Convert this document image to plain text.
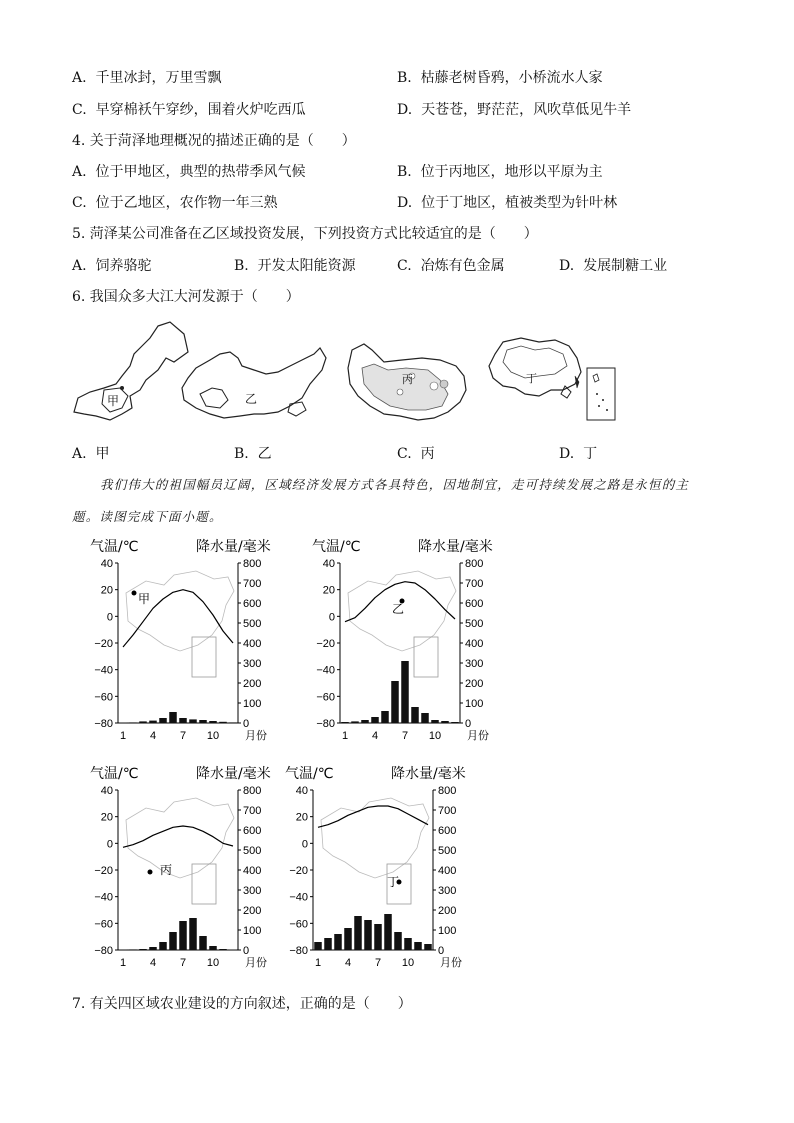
A. 千里冰封，万里雪飘	B. 枯藤老树昏鸦，小桥流水人家
C. 早穿棉袄午穿纱，围着火炉吃西瓜	D. 天苍苍，野茫茫，风吹草低见牛羊
4. 关于菏泽地理概况的描述正确的是（　　）
A. 位于甲地区，典型的热带季风气候	B. 位于丙地区，地形以平原为主
C. 位于乙地区，农作物一年三熟	D. 位于丁地区，植被类型为针叶林
5. 菏泽某公司准备在乙区域投资发展，下列投资方式比较适宜的是（　　）
A. 饲养骆驼	B. 开发太阳能资源	C. 冶炼有色金属	D. 发展制糖工业
6. 我国众多大江大河发源于（　　）
甲	乙
丙	丁
A. 甲	B. 乙	C. 丙	D. 丁
我们伟大的祖国幅员辽阔，区域经济发展方式各具特色，因地制宜，走可持续发展之路是永恒的主
题。读图完成下面小题。
气温/℃	降水量/毫米
40
20
0
−20
−40
−60
−80
800
700
600
500
400
300
200
100
0
1 4 7 10 月份
甲
气温/℃	降水量/毫米
40
20
0
−20
−40
−60
−80
800
700
600
500
400
300
200
100
0
1 4 7 10 月份
乙
气温/℃	降水量/毫米
40
20
0
−20
−40
−60
−80
800
700
600
500
400
300
200
100
0
1 4 7 10 月份
丙
气温/℃	降水量/毫米
40
20
0
−20
−40
−60
−80
800
700
600
500
400
300
200
100
0
1 4 7 10 月份
丁
7. 有关四区域农业建设的方向叙述，正确的是（　　）
